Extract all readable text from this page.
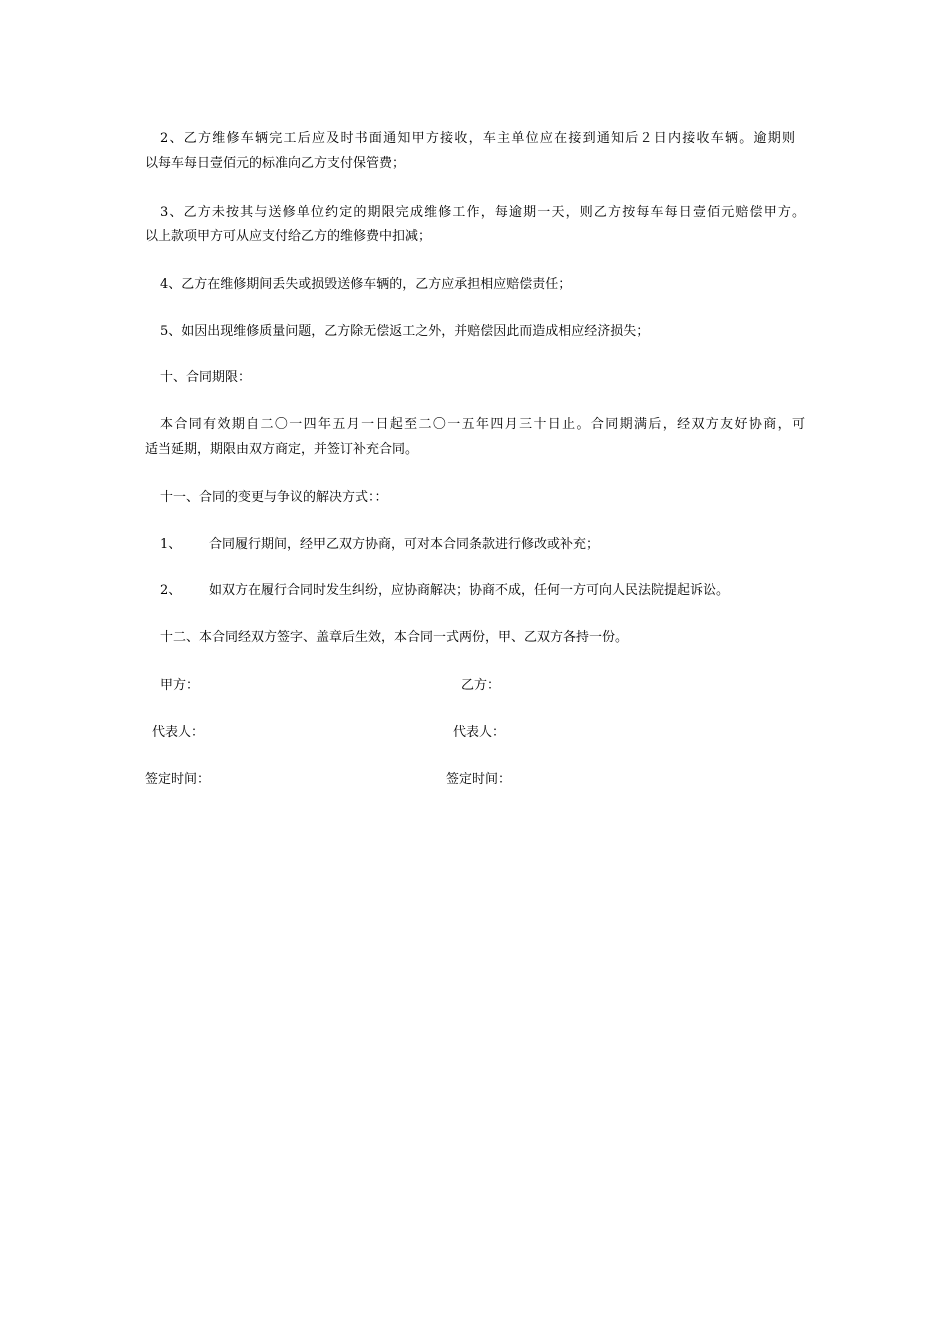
2、乙方维修车辆完工后应及时书面通知甲方接收，车主单位应在接到通知后２日内接收车辆。逾期则
以每车每日壹佰元的标准向乙方支付保管费；
3、乙方未按其与送修单位约定的期限完成维修工作，每逾期一天，则乙方按每车每日壹佰元赔偿甲方。
以上款项甲方可从应支付给乙方的维修费中扣减；
4、乙方在维修期间丢失或损毁送修车辆的，乙方应承担相应赔偿责任；
5、如因出现维修质量问题，乙方除无偿返工之外，并赔偿因此而造成相应经济损失；
十、合同期限：
本合同有效期自二〇一四年五月一日起至二〇一五年四月三十日止。合同期满后，经双方友好协商，可
适当延期，期限由双方商定，并签订补充合同。
十一、合同的变更与争议的解决方式：：
1、 合同履行期间，经甲乙双方协商，可对本合同条款进行修改或补充；
2、 如双方在履行合同时发生纠纷，应协商解决；协商不成，任何一方可向人民法院提起诉讼。
十二、本合同经双方签字、盖章后生效，本合同一式两份，甲、乙双方各持一份。
甲方：	乙方：
代表人：	代表人：
签定时间：	签定时间：
